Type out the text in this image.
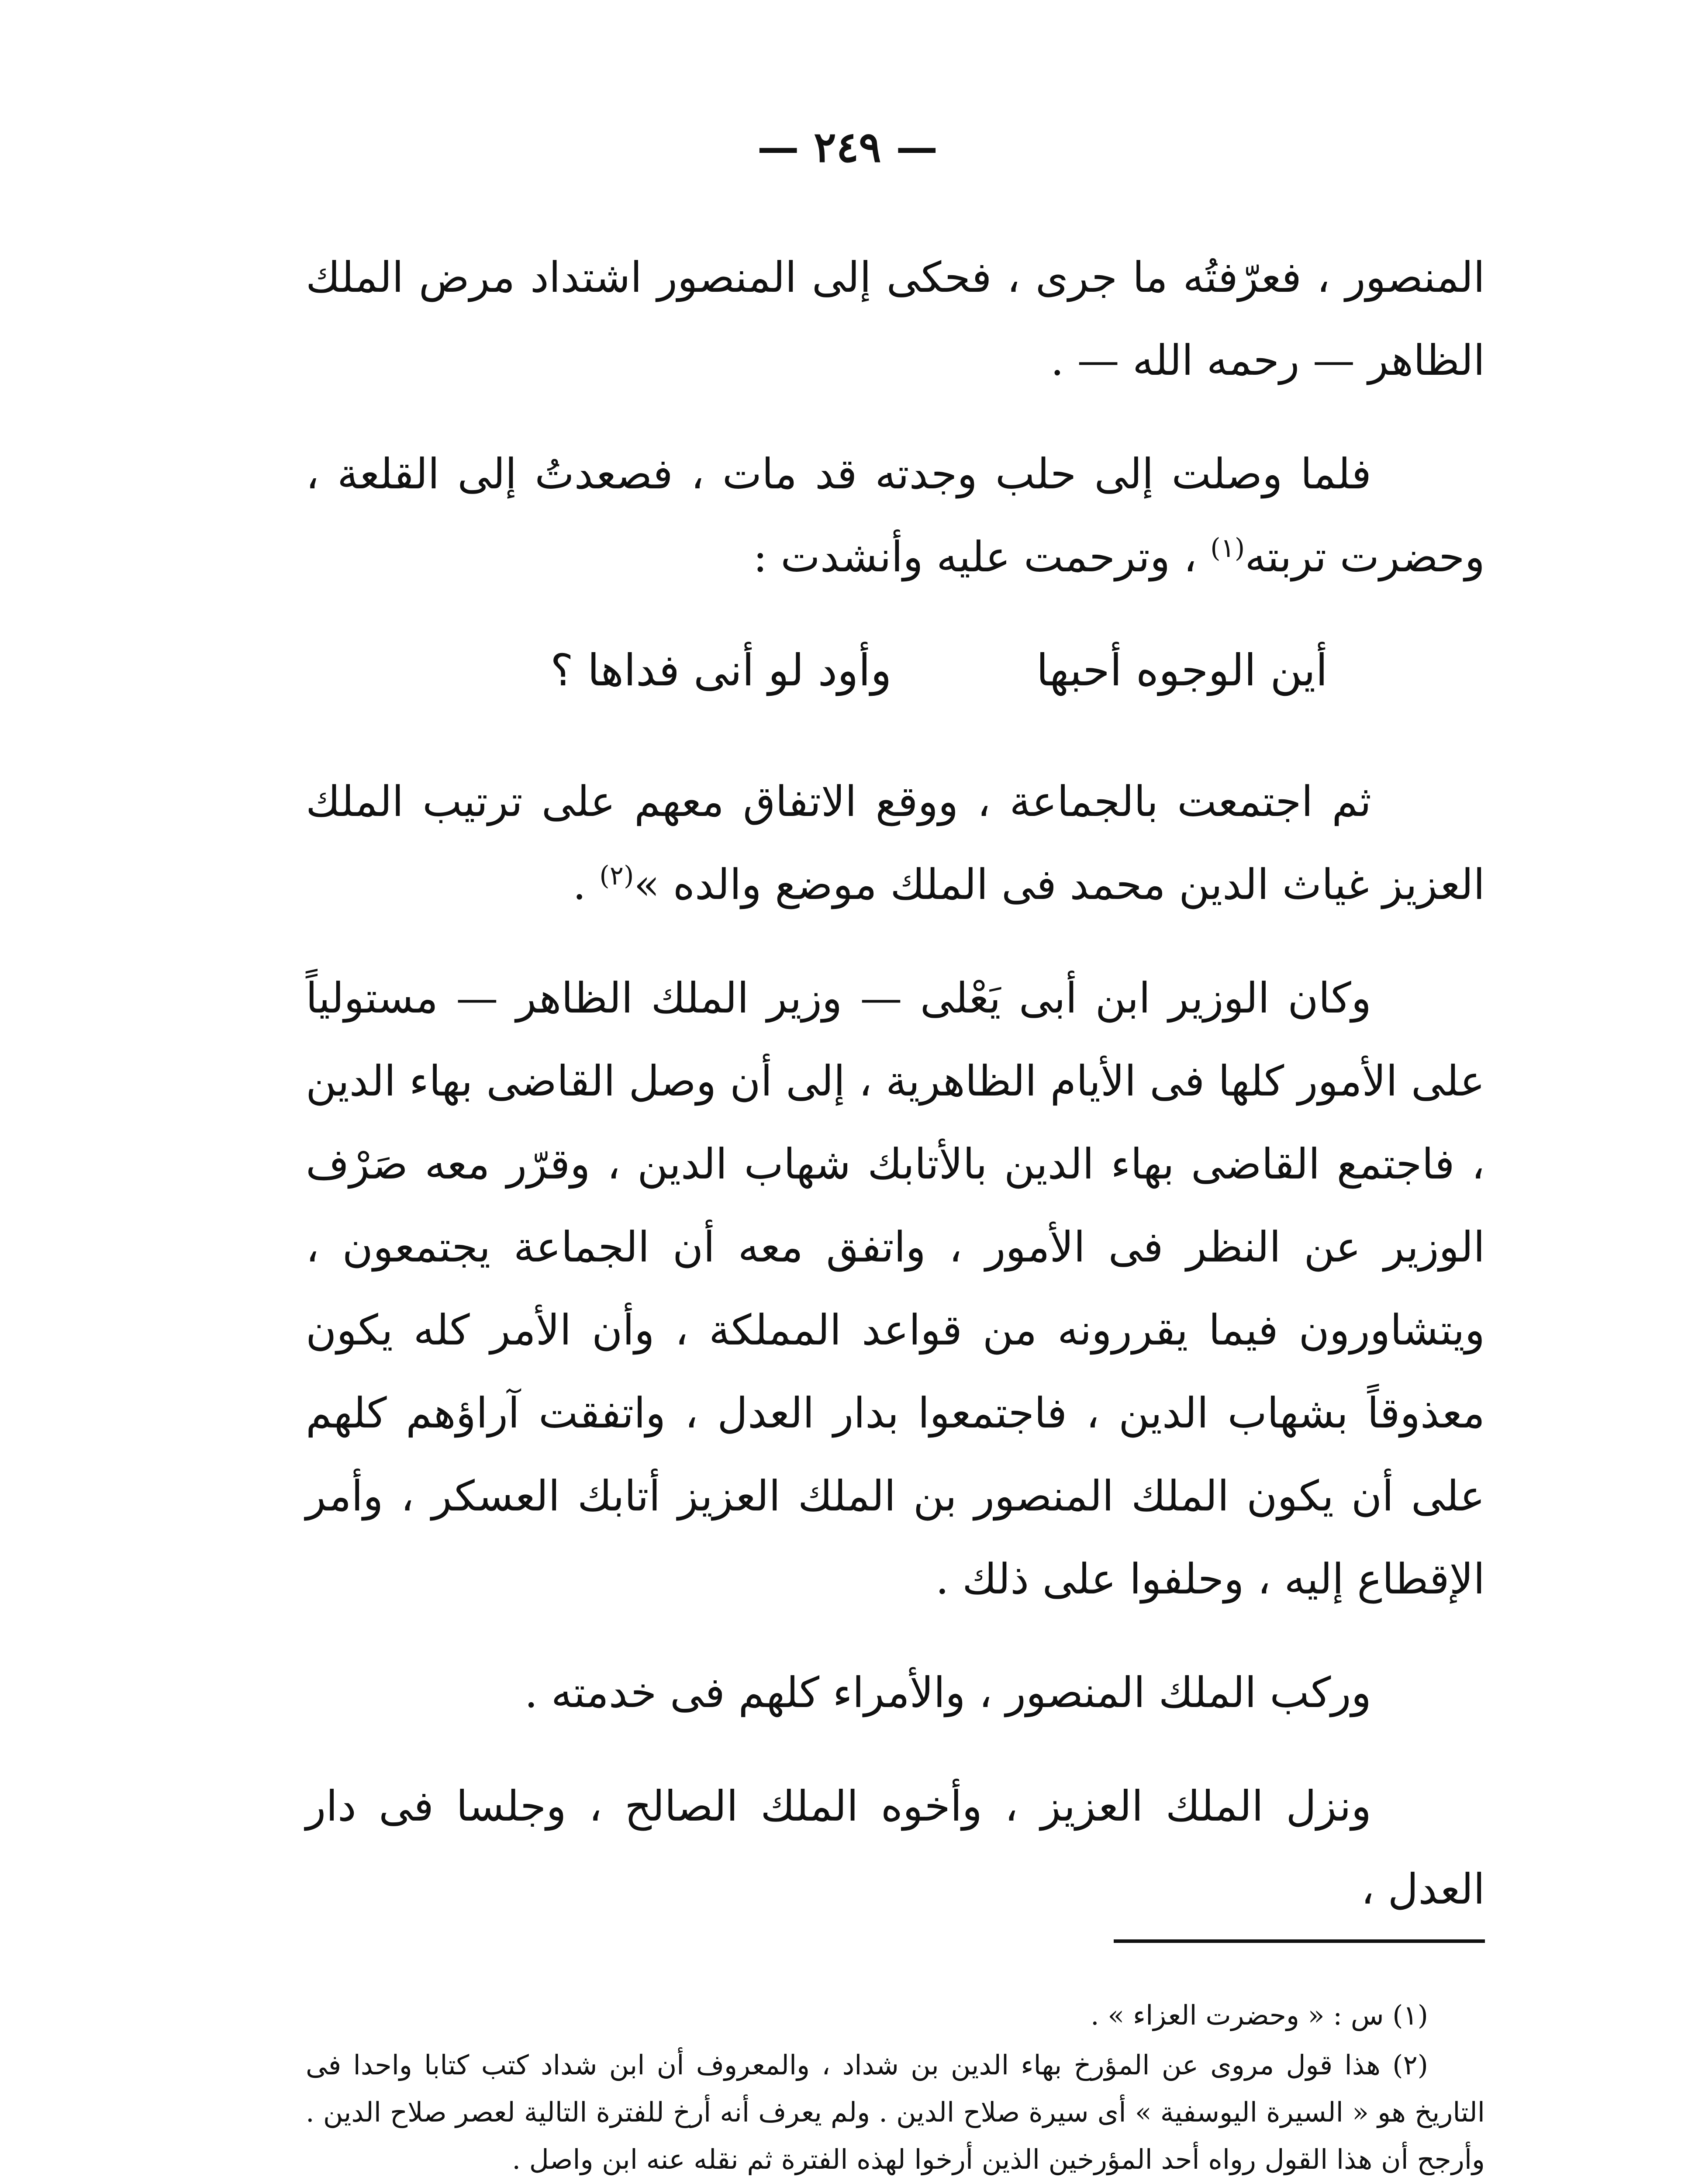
— ٢٤٩ —

المنصور ، فعرّفتُه ما جرى ، فحكى إلى المنصور اشتداد مرض الملك الظاهر — رحمه الله — .

فلما وصلت إلى حلب وجدته قد مات ، فصعدتُ إلى القلعة ، وحضرت تربته$^{(١)}$ ، وترحمت عليه وأنشدت :

أين الوجوه أحبها
وأود لو أنى فداها ؟

ثم اجتمعت بالجماعة ، ووقع الاتفاق معهم على ترتيب الملك العزيز غياث الدين محمد فى الملك موضع والده »$^{(٢)}$ .

وكان الوزير ابن أبى يَعْلى — وزير الملك الظاهر — مستولياً على الأمور كلها فى الأيام الظاهرية ، إلى أن وصل القاضى بهاء الدين ، فاجتمع القاضى بهاء الدين بالأتابك شهاب الدين ، وقرّر معه صَرْف الوزير عن النظر فى الأمور ، واتفق معه أن الجماعة يجتمعون ، ويتشاورون فيما يقررونه من قواعد المملكة ، وأن الأمر كله يكون معذوقاً بشهاب الدين ، فاجتمعوا بدار العدل ، واتفقت آراؤهم كلهم على أن يكون الملك المنصور بن الملك العزيز أتابك العسكر ، وأمر الإقطاع إليه ، وحلفوا على ذلك .

وركب الملك المنصور ، والأمراء كلهم فى خدمته .

ونزل الملك العزيز ، وأخوه الملك الصالح ، وجلسا فى دار العدل ،

(١) س : « وحضرت العزاء » .

(٢) هذا قول مروى عن المؤرخ بهاء الدين بن شداد ، والمعروف أن ابن شداد كتب كتابا واحدا فى التاريخ هو « السيرة اليوسفية » أى سيرة صلاح الدين . ولم يعرف أنه أرخ للفترة التالية لعصر صلاح الدين . وأرجح أن هذا القول رواه أحد المؤرخين الذين أرخوا لهذه الفترة ثم نقله عنه ابن واصل .
